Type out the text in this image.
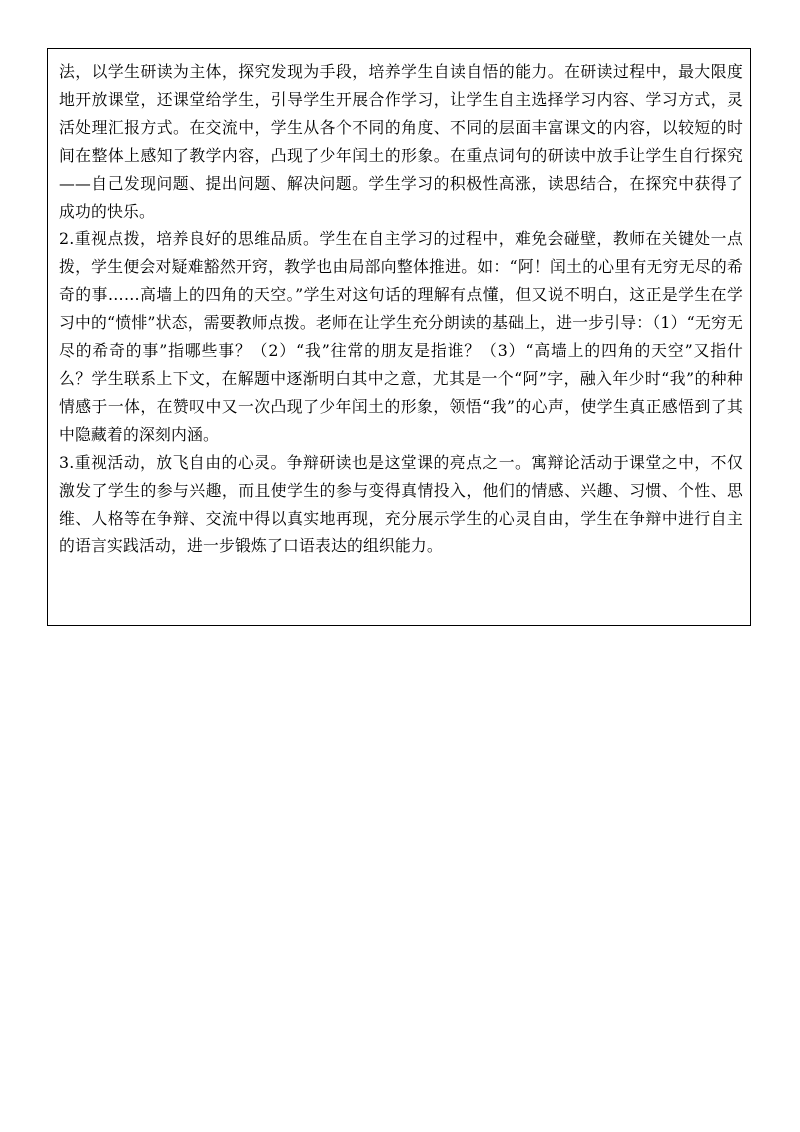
法，以学生研读为主体，探究发现为手段，培养学生自读自悟的能力。在研读过程中，最大限度地开放课堂，还课堂给学生，引导学生开展合作学习，让学生自主选择学习内容、学习方式，灵活处理汇报方式。在交流中，学生从各个不同的角度、不同的层面丰富课文的内容，以较短的时间在整体上感知了教学内容，凸现了少年闰土的形象。在重点词句的研读中放手让学生自行探究——自己发现问题、提出问题、解决问题。学生学习的积极性高涨，读思结合，在探究中获得了成功的快乐。

2.重视点拨，培养良好的思维品质。学生在自主学习的过程中，难免会碰壁，教师在关键处一点拨，学生便会对疑难豁然开窍，教学也由局部向整体推进。如：“阿！闰土的心里有无穷无尽的希奇的事……高墙上的四角的天空。”学生对这句话的理解有点懂，但又说不明白，这正是学生在学习中的“愤悱”状态，需要教师点拨。老师在让学生充分朗读的基础上，进一步引导：（1）“无穷无尽的希奇的事”指哪些事？（2）“我”往常的朋友是指谁？（3）“高墙上的四角的天空”又指什么？学生联系上下文，在解题中逐渐明白其中之意，尤其是一个“阿”字，融入年少时“我”的种种情感于一体，在赞叹中又一次凸现了少年闰土的形象，领悟“我”的心声，使学生真正感悟到了其中隐藏着的深刻内涵。

3.重视活动，放飞自由的心灵。争辩研读也是这堂课的亮点之一。寓辩论活动于课堂之中，不仅激发了学生的参与兴趣，而且使学生的参与变得真情投入，他们的情感、兴趣、习惯、个性、思维、人格等在争辩、交流中得以真实地再现，充分展示学生的心灵自由，学生在争辩中进行自主的语言实践活动，进一步锻炼了口语表达的组织能力。
